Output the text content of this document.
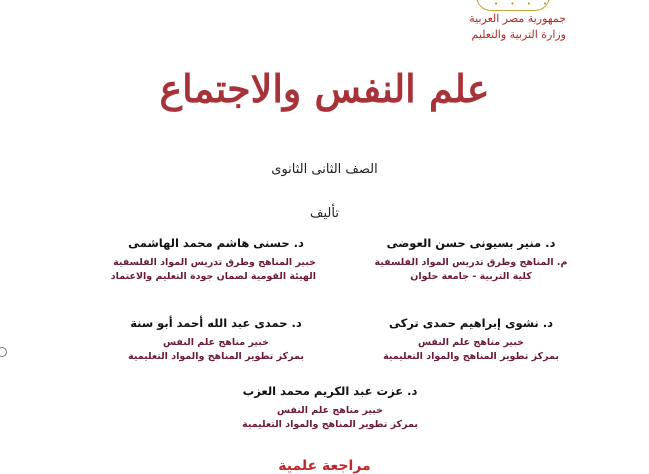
• • • •
جمهورية مصر العربية
وزارة التربية والتعليم
علم النفس والاجتماع
الصف الثانى الثانوى
تأليف
د. منير بسيونى حسن العوضى
م. المناهج وطرق تدريس المواد الفلسفية
كلية التربية - جامعة حلوان
د. حسنى هاشم محمد الهاشمى
خبير المناهج وطرق تدريس المواد الفلسفية
الهيئة القومية لضمان جودة التعليم والاعتماد
د. نشوى إبراهيم حمدى تركى
خبير مناهج علم النفس
بمركز تطوير المناهج والمواد التعليمية
د. حمدى عبد الله أحمد أبو سنة
خبير مناهج علم النفس
بمركز تطوير المناهج والمواد التعليمية
د. عزت عبد الكريم محمد العزب
خبير مناهج علم النفس
بمركز تطوير المناهج والمواد التعليمية
مراجعة علمية
